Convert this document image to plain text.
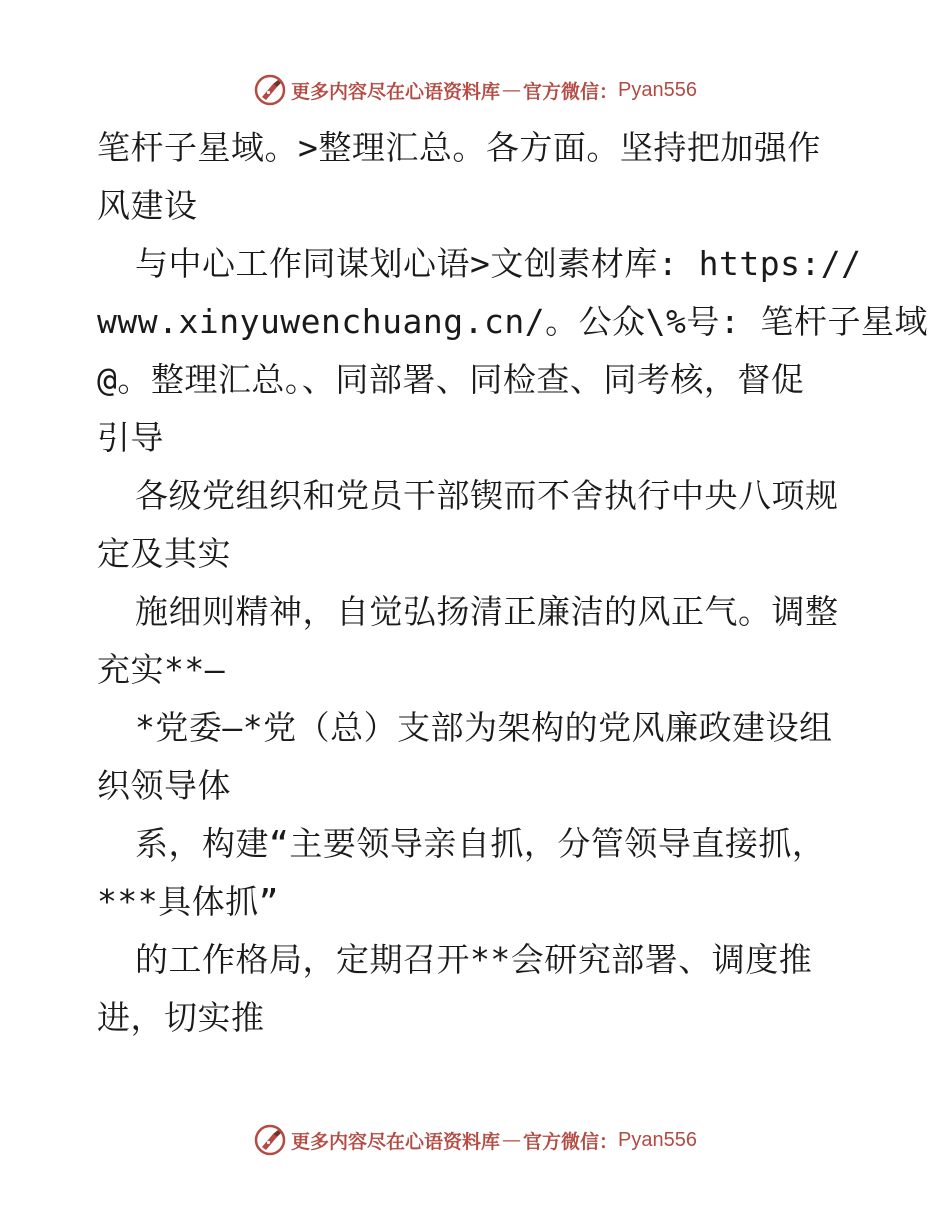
更多内容尽在心语资料库 — 官方微信： Pyan556
笔杆子星域。>整理汇总。各方面。坚持把加强作
风建设
与中心工作同谋划心语>文创素材库: https://
www.xinyuwenchuang.cn/。公众\%号: 笔杆子星域
@。整理汇总。、同部署、同检查、同考核，督促
引导
各级党组织和党员干部锲而不舍执行中央八项规
定及其实
施细则精神，自觉弘扬清正廉洁的风正气。调整
充实**—
*党委—*党（总）支部为架构的党风廉政建设组
织领导体
系，构建“主要领导亲自抓，分管领导直接抓，
***具体抓”
的工作格局，定期召开**会研究部署、调度推
进，切实推
更多内容尽在心语资料库 — 官方微信： Pyan556
